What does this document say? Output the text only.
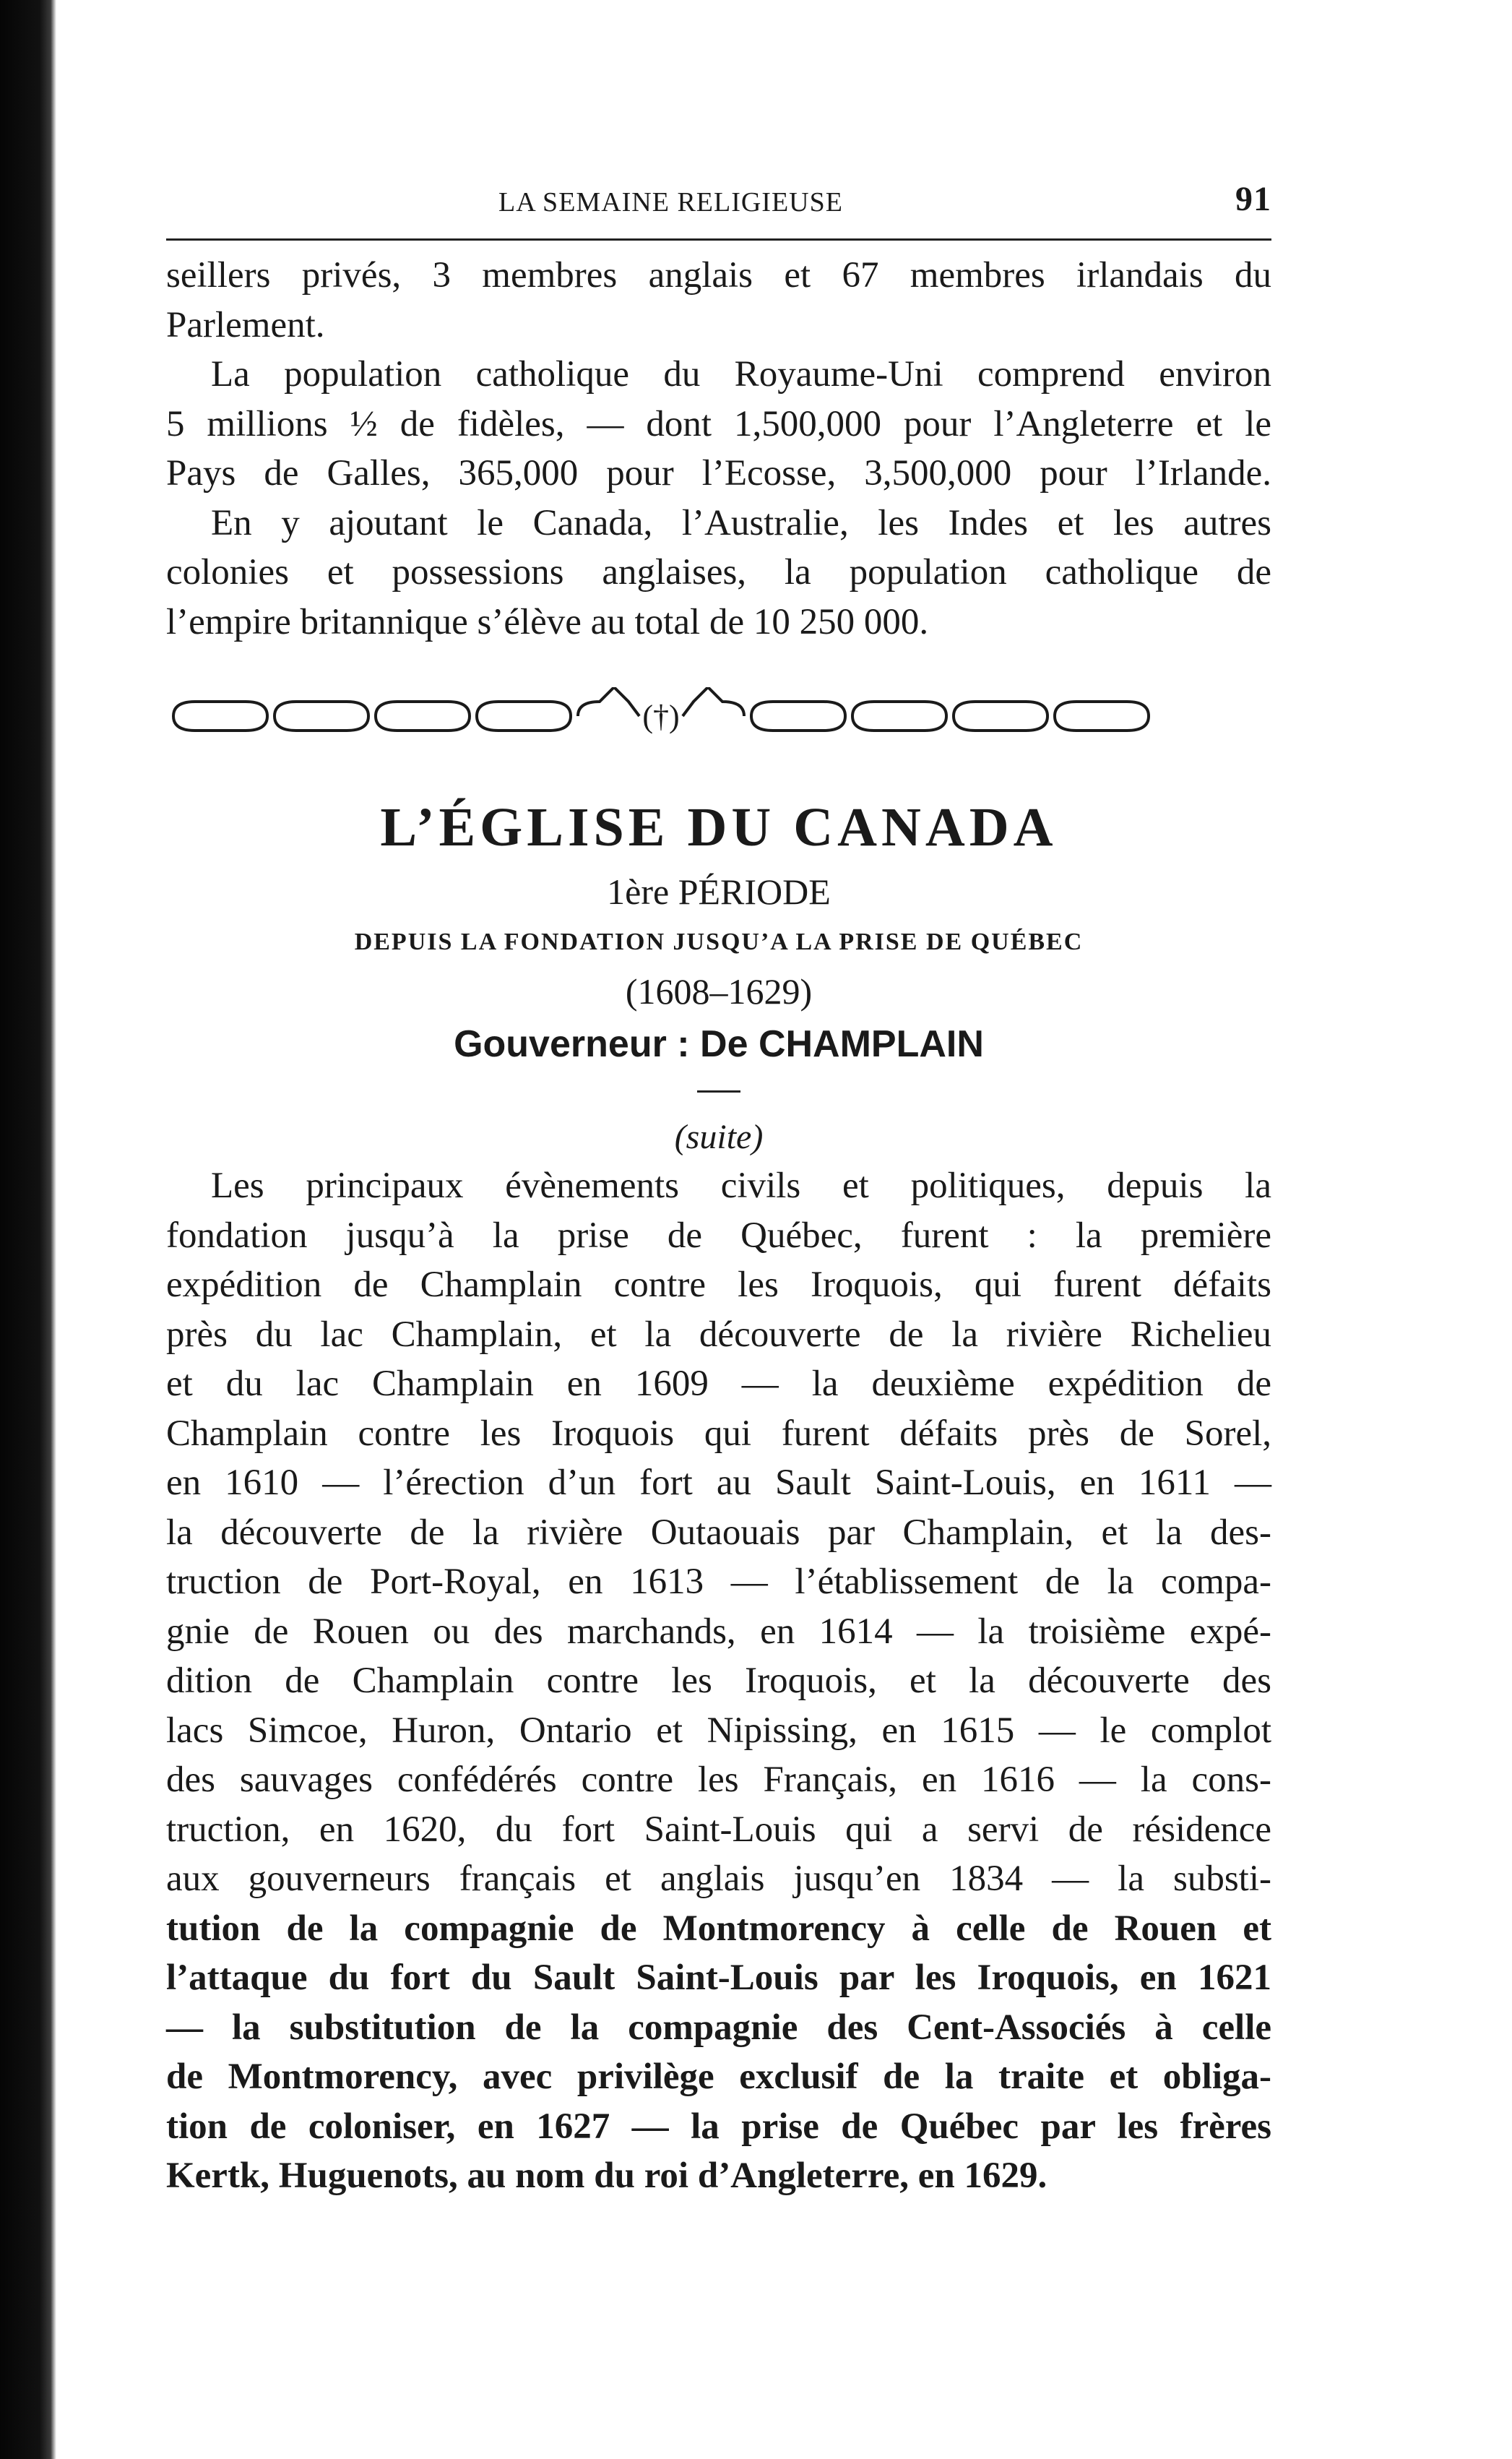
LA SEMAINE RELIGIEUSE	91

seillers privés, 3 membres anglais et 67 membres irlandais du

Parlement.

La population catholique du Royaume-Uni comprend environ

5 millions ½ de fidèles, — dont 1,500,000 pour l’Angleterre et le

Pays de Galles, 365,000 pour l’Ecosse, 3,500,000 pour l’Irlande.

En y ajoutant le Canada, l’Australie, les Indes et les autres

colonies et possessions anglaises, la population catholique de

l’empire britannique s’élève au total de 10 250 000.

(†)
L’ÉGLISE DU CANADA
1ère PÉRIODE
DEPUIS LA FONDATION JUSQU’A LA PRISE DE QUÉBEC
(1608–1629)
Gouverneur : De CHAMPLAIN
(suite)

Les principaux évènements civils et politiques, depuis la

fondation jusqu’à la prise de Québec, furent : la première

expédition de Champlain contre les Iroquois, qui furent défaits

près du lac Champlain, et la découverte de la rivière Richelieu

et du lac Champlain en 1609 — la deuxième expédition de

Champlain contre les Iroquois qui furent défaits près de Sorel,

en 1610 — l’érection d’un fort au Sault Saint-Louis, en 1611 —

la découverte de la rivière Outaouais par Champlain, et la des-

truction de Port-Royal, en 1613 — l’établissement de la compa-

gnie de Rouen ou des marchands, en 1614 — la troisième expé-

dition de Champlain contre les Iroquois, et la découverte des

lacs Simcoe, Huron, Ontario et Nipissing, en 1615 — le complot

des sauvages confédérés contre les Français, en 1616 — la cons-

truction, en 1620, du fort Saint-Louis qui a servi de résidence

aux gouverneurs français et anglais jusqu’en 1834 — la substi-

tution de la compagnie de Montmorency à celle de Rouen et

l’attaque du fort du Sault Saint-Louis par les Iroquois, en 1621

— la substitution de la compagnie des Cent-Associés à celle

de Montmorency, avec privilège exclusif de la traite et obliga-

tion de coloniser, en 1627 — la prise de Québec par les frères

Kertk, Huguenots, au nom du roi d’Angleterre, en 1629.
